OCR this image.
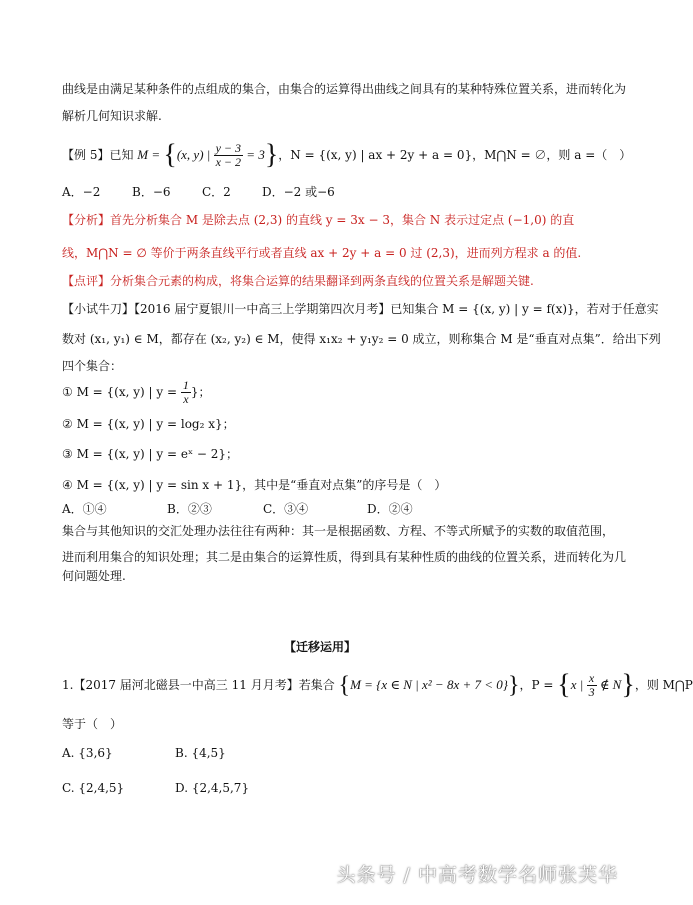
曲线是由满足某种条件的点组成的集合，由集合的运算得出曲线之间具有的某种特殊位置关系，进而转化为
解析几何知识求解.
【例 5】已知 M = {(x, y) | $\frac{y - 3}{x - 2} = 3$}，N = {(x, y) | ax + 2y + a = 0}，M⋂N = ∅，则 a =（　）
A．−2	B．−6	C．2	D．−2 或−6
【分析】首先分析集合 M 是除去点 (2,3) 的直线 y = 3x − 3，集合 N 表示过定点 (−1,0) 的直
线，M⋂N = ∅ 等价于两条直线平行或者直线 ax + 2y + a = 0 过 (2,3)，进而列方程求 a 的值.
【点评】分析集合元素的构成，将集合运算的结果翻译到两条直线的位置关系是解题关键.
【小试牛刀】【2016 届宁夏银川一中高三上学期第四次月考】已知集合 M = {(x, y) | y = f(x)}，若对于任意实
数对 (x₁, y₁) ∈ M，都存在 (x₂, y₂) ∈ M，使得 x₁x₂ + y₁y₂ = 0 成立，则称集合 M 是“垂直对点集”．给出下列
四个集合：
① M = {(x, y) | $y = \frac{1}{x}$ }；
② M = {(x, y) | y = log₂ x}；
③ M = {(x, y) | y = eˣ − 2}；
④ M = {(x, y) | y = sin x + 1}，其中是“垂直对点集”的序号是（　）
A．①④	B．②③	C．③④	D．②④
集合与其他知识的交汇处理办法往往有两种：其一是根据函数、方程、不等式所赋予的实数的取值范围，
进而利用集合的知识处理；其二是由集合的运算性质，得到具有某种性质的曲线的位置关系，进而转化为几
何问题处理.
【迁移运用】
1.【2017 届河北磁县一中高三 11 月月考】若集合 {M = {x ∈ N | x² − 8x + 7 < 0}}，P = {x | $\frac{x}{3}$ ∉ N}，则 M⋂P
等于（　）
A. {3,6}	B. {4,5}
C. {2,4,5}	D. {2,4,5,7}
头条号 / 中高考数学名师张芙华
